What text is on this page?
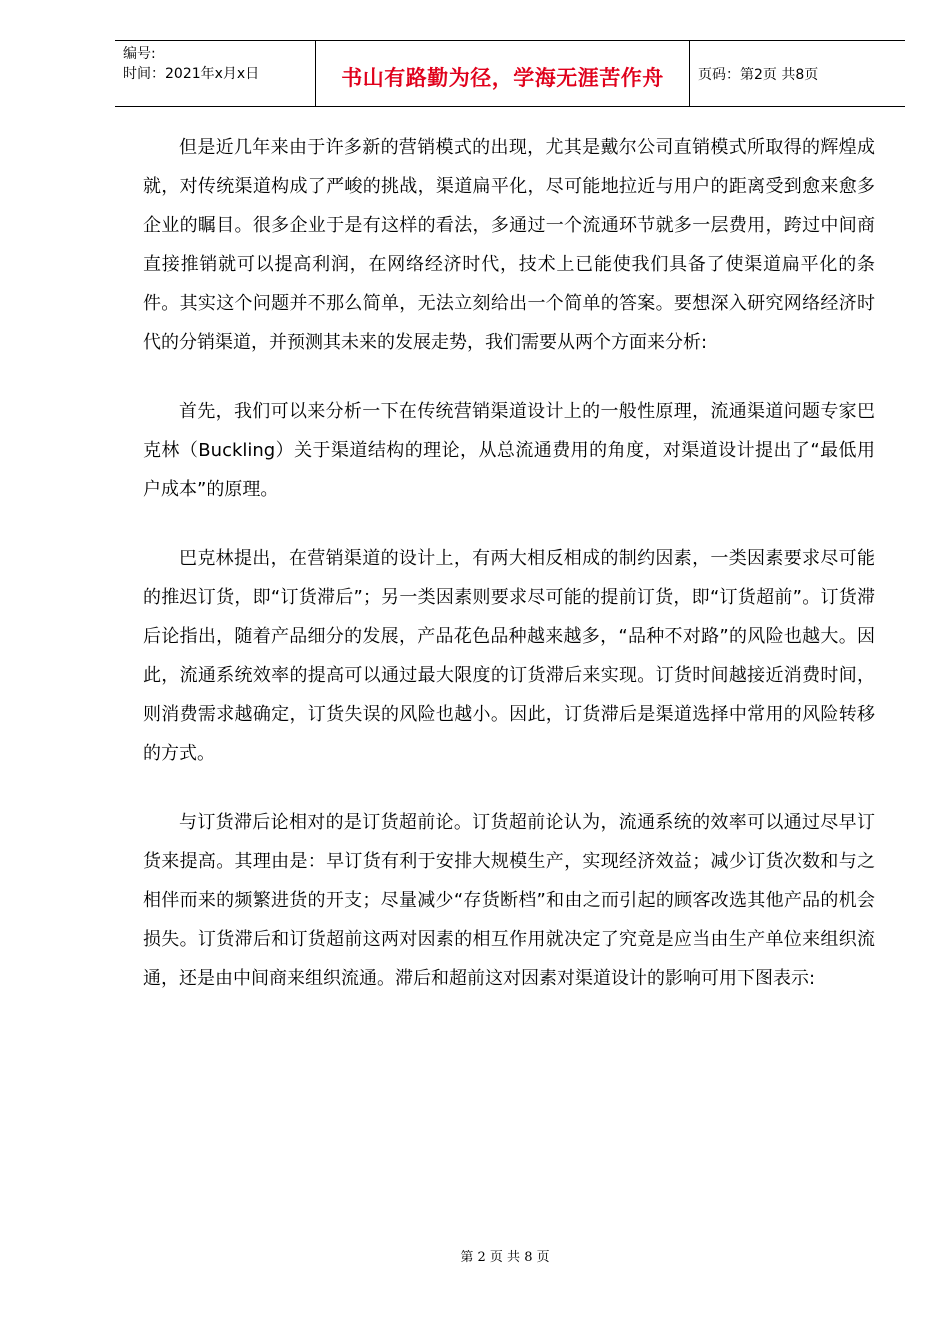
编号:
时间：2021年x月x日	书山有路勤为径，学海无涯苦作舟	页码：第2页 共8页

但是近几年来由于许多新的营销模式的出现，尤其是戴尔公司直销模式所取得的辉煌成就，对传统渠道构成了严峻的挑战，渠道扁平化，尽可能地拉近与用户的距离受到愈来愈多企业的瞩目。很多企业于是有这样的看法，多通过一个流通环节就多一层费用，跨过中间商直接推销就可以提高利润，在网络经济时代，技术上已能使我们具备了使渠道扁平化的条件。其实这个问题并不那么简单，无法立刻给出一个简单的答案。要想深入研究网络经济时代的分销渠道，并预测其未来的发展走势，我们需要从两个方面来分析:

首先，我们可以来分析一下在传统营销渠道设计上的一般性原理，流通渠道问题专家巴克林（Buckling）关于渠道结构的理论，从总流通费用的角度，对渠道设计提出了“最低用户成本”的原理。

巴克林提出，在营销渠道的设计上，有两大相反相成的制约因素，一类因素要求尽可能的推迟订货，即“订货滞后”；另一类因素则要求尽可能的提前订货，即“订货超前”。订货滞后论指出，随着产品细分的发展，产品花色品种越来越多，“品种不对路”的风险也越大。因此，流通系统效率的提高可以通过最大限度的订货滞后来实现。订货时间越接近消费时间，则消费需求越确定，订货失误的风险也越小。因此，订货滞后是渠道选择中常用的风险转移的方式。

与订货滞后论相对的是订货超前论。订货超前论认为，流通系统的效率可以通过尽早订货来提高。其理由是：早订货有利于安排大规模生产，实现经济效益；减少订货次数和与之相伴而来的频繁进货的开支；尽量减少“存货断档”和由之而引起的顾客改选其他产品的机会损失。订货滞后和订货超前这两对因素的相互作用就决定了究竟是应当由生产单位来组织流通，还是由中间商来组织流通。滞后和超前这对因素对渠道设计的影响可用下图表示:

第 2 页 共 8 页
